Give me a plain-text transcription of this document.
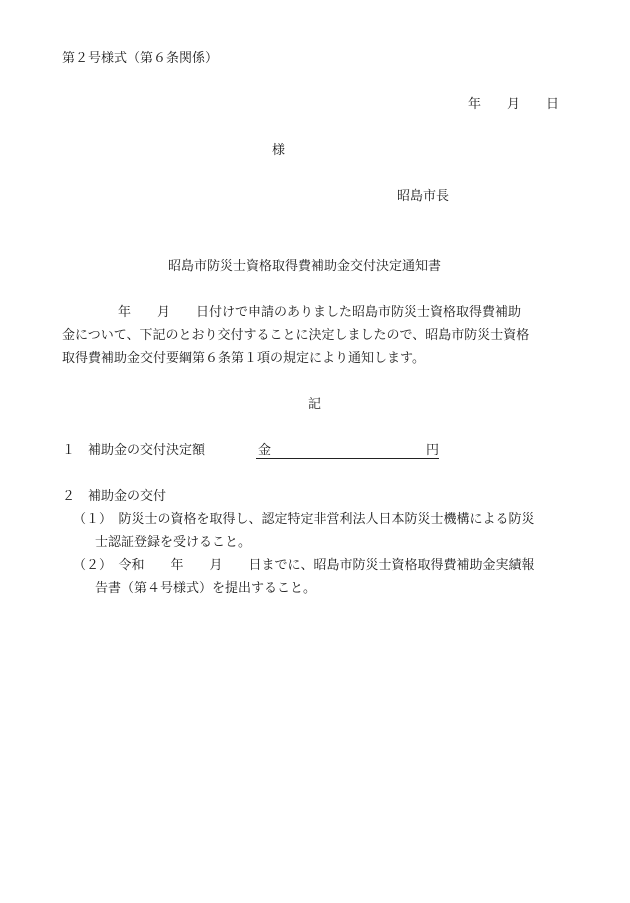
第２号様式（第６条関係）
年　　月　　日
様
昭島市長
昭島市防災士資格取得費補助金交付決定通知書
　　年　　月　　日付けで申請のありました昭島市防災士資格取得費補助
金について、下記のとおり交付することに決定しましたので、昭島市防災士資格
取得費補助金交付要綱第６条第１項の規定により通知します。
記
１　補助金の交付決定額	金	円
２　補助金の交付
（１）　防災士の資格を取得し、認定特定非営利法人日本防災士機構による防災
士認証登録を受けること。
（２）　令和　　年　　月　　日までに、昭島市防災士資格取得費補助金実績報
告書（第４号様式）を提出すること。
